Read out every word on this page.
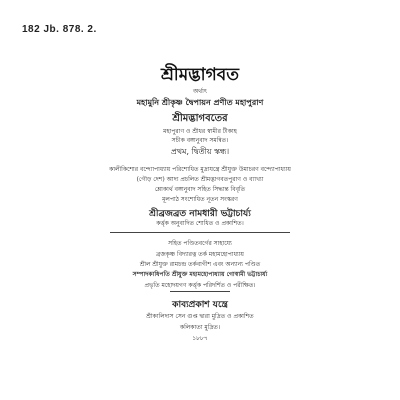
182 Jb. 878. 2.
শ্রীমদ্ভাগবত
অর্থাৎ
মহামুনি শ্রীকৃষ্ণ দ্বৈপায়ন প্রণীত মহাপুরাণ
শ্রীমদ্ভাগবতের
মহাপুরাণ ও শ্রীধর স্বামীর টীকাহ
সচীক বঙ্গানুবাদ সমন্বিত।
প্রথম, দ্বিতীয় স্কন্ধ।
কালীকিশোর বন্দ্যোপাধ্যায় পরিশোধিত মুদ্রাযন্ত্রে শ্রীযুক্ত উমাচরণ বন্দ্যোপাধ্যায়
(গৌড় দেশ) আদ্য প্রচলিত শ্রীমদ্ভাগবতপুরাণ ও ব্যাখ্যা
শ্লোকার্থ বঙ্গানুবাদ সহিত সিদ্ধান্ত বিবৃতি
মূলপাঠ সংশোধিত নূতন সংস্করণ
শ্রীব্রজব্রত নামধারী ভট্টাচার্য্য
কর্ত্তৃক অনুবাদিত শোধিত ও প্রকাশিত।
সহিত পণ্ডিতবর্গের সাহায্যে
ব্রজকৃষ্ণ বিদ্যারত্ন তর্ক মহামহোপাধ্যায়
শ্রীল শ্রীযুক্ত রামচন্দ্র তর্কবাগীশ এবং অন্যান্য পণ্ডিত
সম্পাদকাধিপতি শ্রীযুক্ত মহামহোপাধ্যায় গোস্বামী ভট্টাচার্য্য
প্রভৃতি মহোদয়গণ কর্ত্তৃক পরিদর্শিত ও পরীক্ষিত।
কাব্যপ্রকাশ যন্ত্রে
শ্রীকালিদাস সেন গুপ্ত দ্বারা মুদ্রিত ও প্রকাশিত
কলিকাতা মুদ্রিত।
১৮৮৭
